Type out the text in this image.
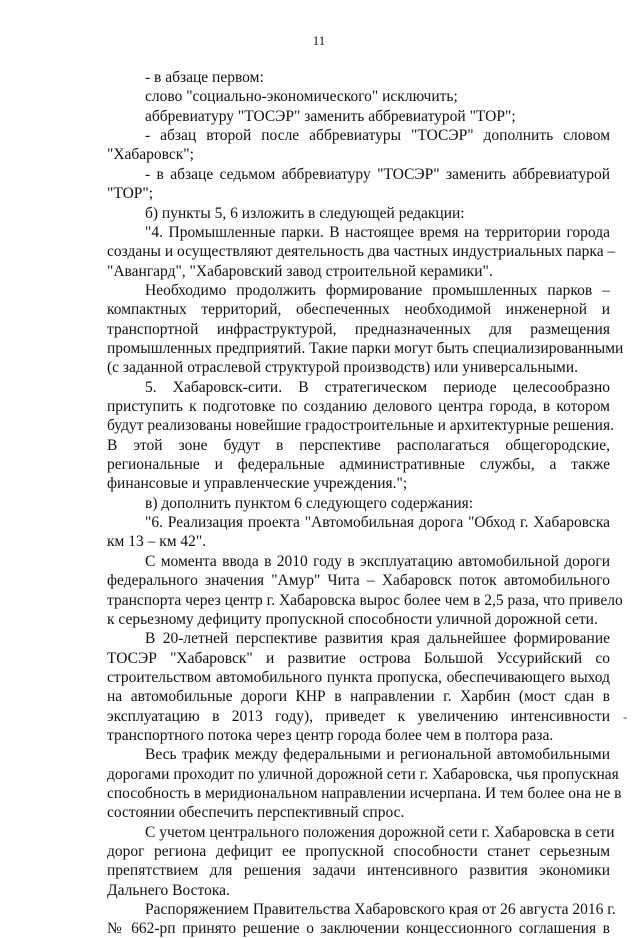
11
- в абзаце первом:
слово "социально-экономического" исключить;
аббревиатуру "ТОСЭР" заменить аббревиатурой "ТОР";
- абзац второй после аббревиатуры "ТОСЭР" дополнить словом
"Хабаровск";
- в абзаце седьмом аббревиатуру "ТОСЭР" заменить аббревиатурой
"ТОР";
б) пункты 5, 6 изложить в следующей редакции:
"4. Промышленные парки. В настоящее время на территории города
созданы и осуществляют деятельность два частных индустриальных парка –
"Авангард", "Хабаровский завод строительной керамики".
Необходимо продолжить формирование промышленных парков –
компактных территорий, обеспеченных необходимой инженерной и
транспортной инфраструктурой, предназначенных для размещения
промышленных предприятий. Такие парки могут быть специализированными
(с заданной отраслевой структурой производств) или универсальными.
5. Хабаровск-сити. В стратегическом периоде целесообразно
приступить к подготовке по созданию делового центра города, в котором
будут реализованы новейшие градостроительные и архитектурные решения.
В этой зоне будут в перспективе располагаться общегородские,
региональные и федеральные административные службы, а также
финансовые и управленческие учреждения.";
в) дополнить пунктом 6 следующего содержания:
"6. Реализация проекта "Автомобильная дорога "Обход г. Хабаровска
км 13 – км 42".
С момента ввода в 2010 году в эксплуатацию автомобильной дороги
федерального значения "Амур" Чита – Хабаровск поток автомобильного
транспорта через центр г. Хабаровска вырос более чем в 2,5 раза, что привело
к серьезному дефициту пропускной способности уличной дорожной сети.
В 20-летней перспективе развития края дальнейшее формирование
ТОСЭР "Хабаровск" и развитие острова Большой Уссурийский со
строительством автомобильного пункта пропуска, обеспечивающего выход
на автомобильные дороги КНР в направлении г. Харбин (мост сдан в
эксплуатацию в 2013 году), приведет к увеличению интенсивности
транспортного потока через центр города более чем в полтора раза.
Весь трафик между федеральными и региональной автомобильными
дорогами проходит по уличной дорожной сети г. Хабаровска, чья пропускная
способность в меридиональном направлении исчерпана. И тем более она не в
состоянии обеспечить перспективный спрос.
С учетом центрального положения дорожной сети г. Хабаровска в сети
дорог региона дефицит ее пропускной способности станет серьезным
препятствием для решения задачи интенсивного развития экономики
Дальнего Востока.
Распоряжением Правительства Хабаровского края от 26 августа 2016 г.
№ 662-рп принято решение о заключении концессионного соглашения в
-
